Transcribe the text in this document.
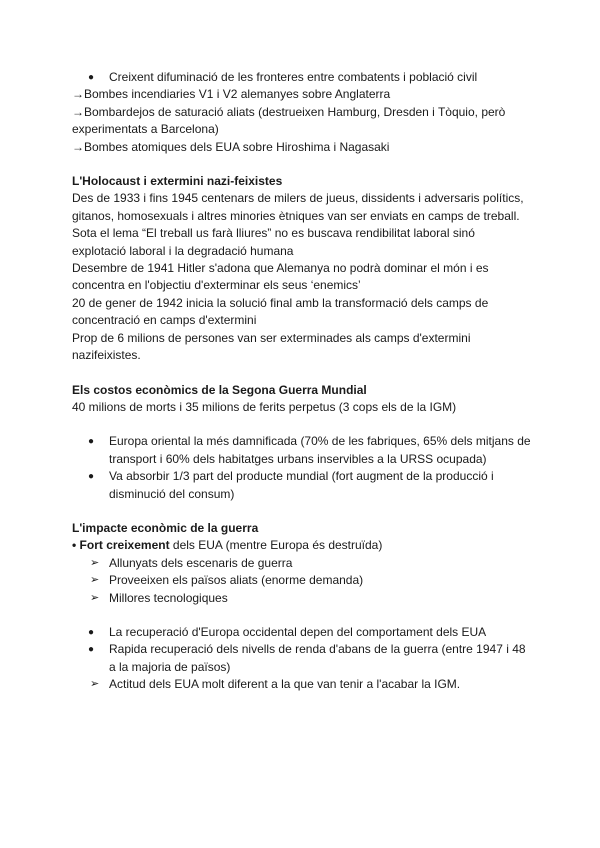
● Creixent difuminació de les fronteres entre combatents i població civil

→Bombes incendiaries V1 i V2 alemanyes sobre Anglaterra

→Bombardejos de saturació aliats (destrueixen Hamburg, Dresden i Tòquio, però experimentats a Barcelona)

→Bombes atomiques dels EUA sobre Hiroshima i Nagasaki

L'Holocaust i extermini nazi-feixistes

Des de 1933 i fins 1945 centenars de milers de jueus, dissidents i adversaris polítics, gitanos, homosexuals i altres minories ètniques van ser enviats en camps de treball.

Sota el lema “El treball us farà lliures” no es buscava rendibilitat laboral sinó explotació laboral i la degradació humana

Desembre de 1941 Hitler s'adona que Alemanya no podrà dominar el món i es concentra en l'objectiu d'exterminar els seus ‘enemics’

20 de gener de 1942 inicia la solució final amb la transformació dels camps de concentració en camps d'extermini

Prop de 6 milions de persones van ser exterminades als camps d'extermini nazifeixistes.

Els costos econòmics de la Segona Guerra Mundial

40 milions de morts i 35 milions de ferits perpetus (3 cops els de la IGM)

● Europa oriental la més damnificada (70% de les fabriques, 65% dels mitjans de transport i 60% dels habitatges urbans inservibles a la URSS ocupada)
● Va absorbir 1/3 part del producte mundial (fort augment de la producció i disminució del consum)

L'impacte econòmic de la guerra

• Fort creixement dels EUA (mentre Europa és destruïda)

➢ Allunyats dels escenaris de guerra
➢ Proveeixen els països aliats (enorme demanda)
➢ Millores tecnologiques
● La recuperació d'Europa occidental depen del comportament dels EUA
● Rapida recuperació dels nivells de renda d'abans de la guerra (entre 1947 i 48 a la majoria de països)
➢ Actitud dels EUA molt diferent a la que van tenir a l'acabar la IGM.
